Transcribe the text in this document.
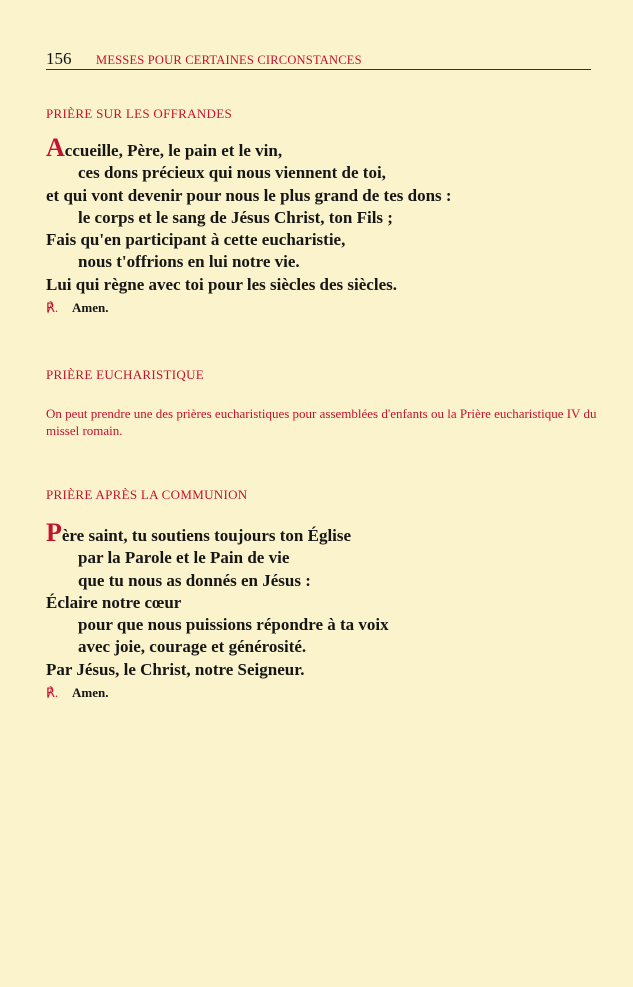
156 MESSES POUR CERTAINES CIRCONSTANCES
PRIÈRE SUR LES OFFRANDES
Accueille, Père, le pain et le vin,
ces dons précieux qui nous viennent de toi,
et qui vont devenir pour nous le plus grand de tes dons :
le corps et le sang de Jésus Christ, ton Fils ;
Fais qu'en participant à cette eucharistie,
nous t'offrions en lui notre vie.
Lui qui règne avec toi pour les siècles des siècles.
℟. Amen.
PRIÈRE EUCHARISTIQUE
On peut prendre une des prières eucharistiques pour assemblées d'enfants ou la Prière eucharistique IV du missel romain.
PRIÈRE APRÈS LA COMMUNION
Père saint, tu soutiens toujours ton Église
par la Parole et le Pain de vie
que tu nous as donnés en Jésus :
Éclaire notre cœur
pour que nous puissions répondre à ta voix
avec joie, courage et générosité.
Par Jésus, le Christ, notre Seigneur.
℟. Amen.
